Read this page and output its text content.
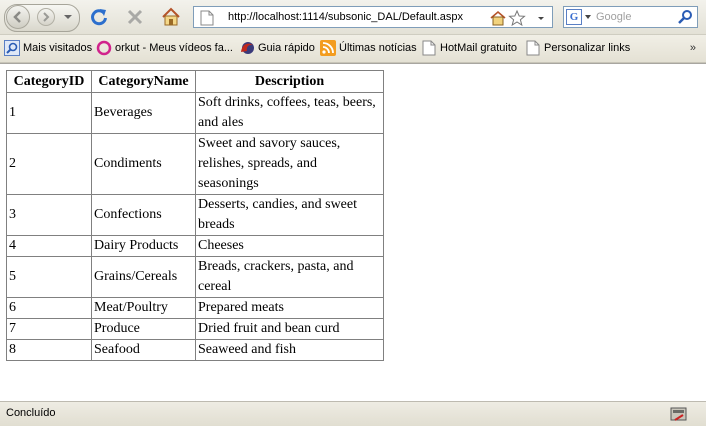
http://localhost:1114/subsonic_DAL/Default.aspx	G	Google
Mais visitados orkut - Meus vídeos fa... Guia rápido Últimas notícias HotMail gratuito Personalizar links	»
CategoryID	CategoryName	Description
1	Beverages	Soft drinks, coffees, teas, beers, and ales
2	Condiments	Sweet and savory sauces, relishes, spreads, and seasonings
3	Confections	Desserts, candies, and sweet breads
4	Dairy Products	Cheeses
5	Grains/Cereals	Breads, crackers, pasta, and cereal
6	Meat/Poultry	Prepared meats
7	Produce	Dried fruit and bean curd
8	Seafood	Seaweed and fish
Concluído
